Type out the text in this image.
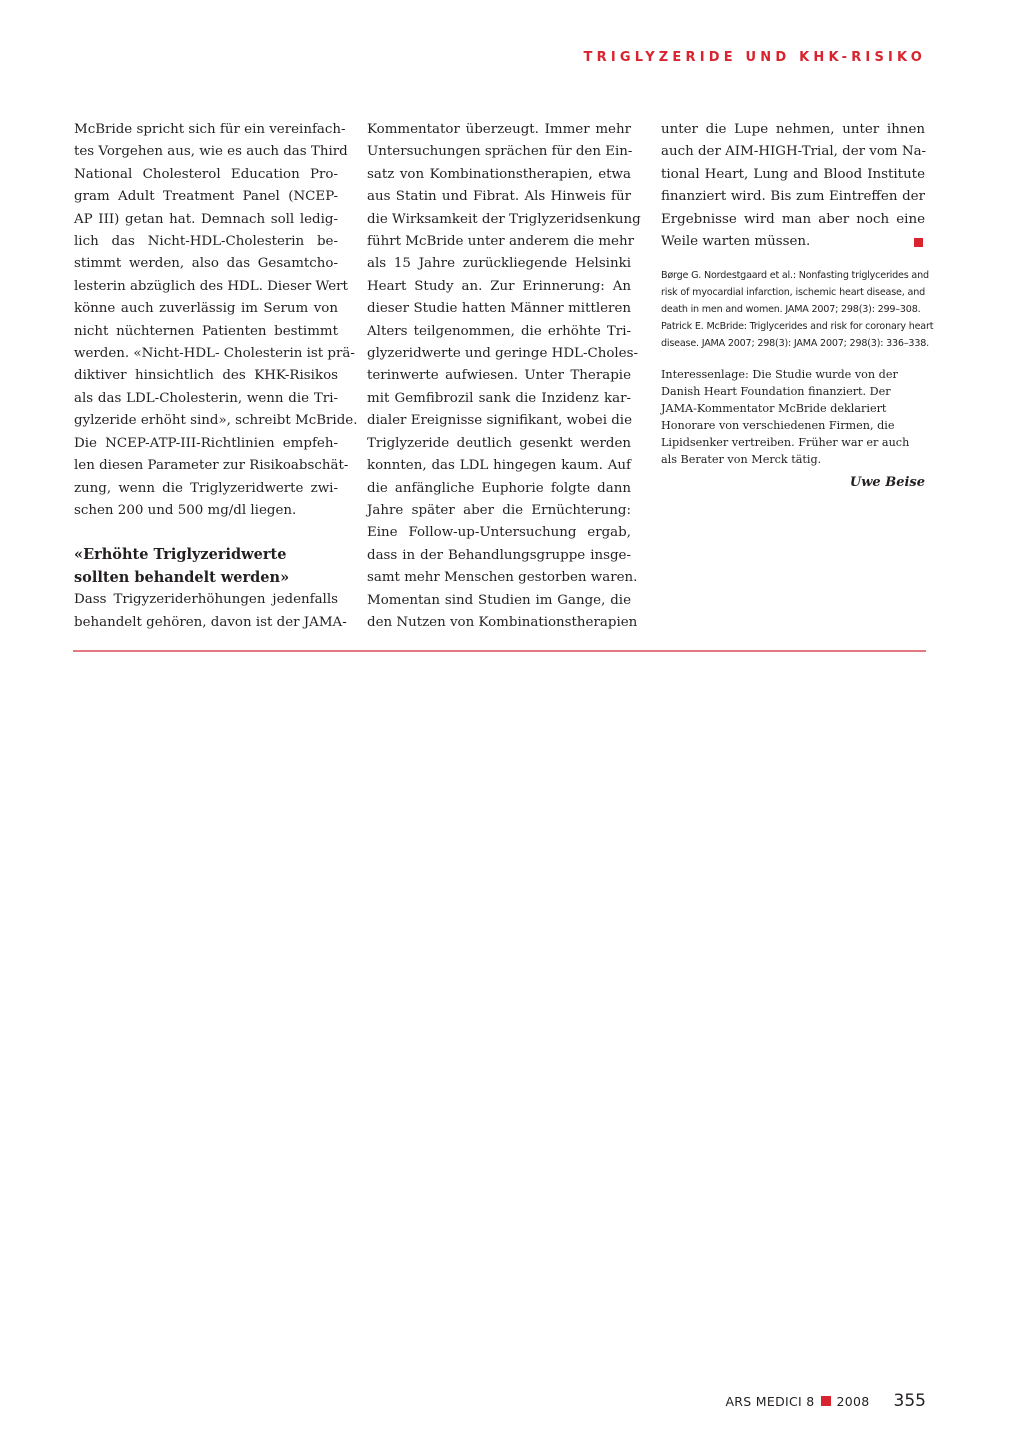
TRIGLYZERIDE UND KHK-RISIKO

McBride spricht sich für ein vereinfach-
tes Vorgehen aus, wie es auch das Third
National Cholesterol Education Pro-
gram Adult Treatment Panel (NCEP-
AP III) getan hat. Demnach soll ledig-
lich das Nicht-HDL-Cholesterin be-
stimmt werden, also das Gesamtcho-
lesterin abzüglich des HDL. Dieser Wert
könne auch zuverlässig im Serum von
nicht nüchternen Patienten bestimmt
werden. «Nicht-HDL- Cholesterin ist prä-
diktiver hinsichtlich des KHK-Risikos
als das LDL-Cholesterin, wenn die Tri-
gylzeride erhöht sind», schreibt McBride.
Die NCEP-ATP-III-Richtlinien empfeh-
len diesen Parameter zur Risikoabschät-
zung, wenn die Triglyzeridwerte zwi-
schen 200 und 500 mg/dl liegen.

«Erhöhte Triglyzeridwerte
sollten behandelt werden»

Dass Trigyzeriderhöhungen jedenfalls
behandelt gehören, davon ist der JAMA-

Kommentator überzeugt. Immer mehr
Untersuchungen sprächen für den Ein-
satz von Kombinationstherapien, etwa
aus Statin und Fibrat. Als Hinweis für
die Wirksamkeit der Triglyzeridsenkung
führt McBride unter anderem die mehr
als 15 Jahre zurückliegende Helsinki
Heart Study an. Zur Erinnerung: An
dieser Studie hatten Männer mittleren
Alters teilgenommen, die erhöhte Tri-
glyzeridwerte und geringe HDL-Choles-
terinwerte aufwiesen. Unter Therapie
mit Gemfibrozil sank die Inzidenz kar-
dialer Ereignisse signifikant, wobei die
Triglyzeride deutlich gesenkt werden
konnten, das LDL hingegen kaum. Auf
die anfängliche Euphorie folgte dann
Jahre später aber die Ernüchterung:
Eine Follow-up-Untersuchung ergab,
dass in der Behandlungsgruppe insge-
samt mehr Menschen gestorben waren.
Momentan sind Studien im Gange, die
den Nutzen von Kombinationstherapien

unter die Lupe nehmen, unter ihnen
auch der AIM-HIGH-Trial, der vom Na-
tional Heart, Lung and Blood Institute
finanziert wird. Bis zum Eintreffen der
Ergebnisse wird man aber noch eine
Weile warten müssen.

Børge G. Nordestgaard et al.: Nonfasting triglycerides and
risk of myocardial infarction, ischemic heart disease, and
death in men and women. JAMA 2007; 298(3): 299–308.
Patrick E. McBride: Triglycerides and risk for coronary heart
disease. JAMA 2007; 298(3): JAMA 2007; 298(3): 336–338.
Interessenlage: Die Studie wurde von der
Danish Heart Foundation finanziert. Der
JAMA-Kommentator McBride deklariert
Honorare von verschiedenen Firmen, die
Lipidsenker vertreiben. Früher war er auch
als Berater von Merck tätig.
Uwe Beise
ARS MEDICI 8 2008 355
